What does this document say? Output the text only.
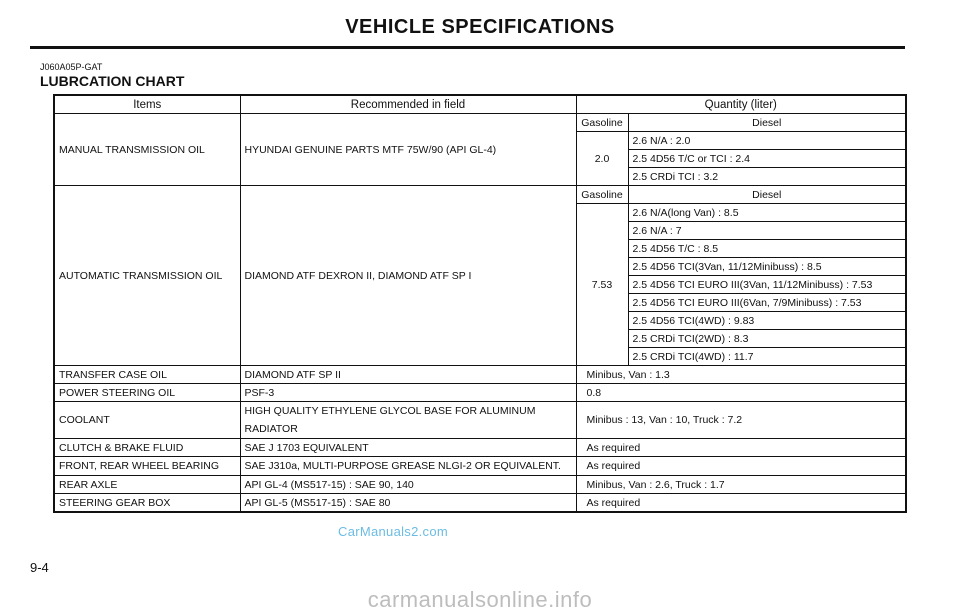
VEHICLE SPECIFICATIONS
J060A05P-GAT
LUBRCATION CHART
Items	Recommended in field	Quantity (liter)	
MANUAL TRANSMISSION OIL	HYUNDAI GENUINE PARTS MTF 75W/90 (API GL-4)	Gasoline	Diesel
		2.0	2.6 N/A : 2.0
			2.5 4D56 T/C or TCI : 2.4
			2.5 CRDi TCI : 3.2
AUTOMATIC TRANSMISSION OIL	DIAMOND ATF DEXRON II, DIAMOND ATF SP I	Gasoline	Diesel
		7.53	2.6 N/A(long Van) : 8.5
			2.6 N/A : 7
			2.5 4D56 T/C : 8.5
			2.5 4D56 TCI(3Van, 11/12Minibuss) : 8.5
			2.5 4D56 TCI EURO III(3Van, 11/12Minibuss) : 7.53
			2.5 4D56 TCI EURO III(6Van, 7/9Minibuss) : 7.53
			2.5 4D56 TCI(4WD) : 9.83
			2.5 CRDi TCI(2WD) : 8.3
			2.5 CRDi TCI(4WD) : 11.7
TRANSFER CASE OIL	DIAMOND ATF SP II	Minibus, Van : 1.3	
POWER STEERING OIL	PSF-3	0.8	
COOLANT	HIGH QUALITY ETHYLENE GLYCOL BASE FOR ALUMINUM RADIATOR	Minibus : 13, Van : 10, Truck : 7.2	
CLUTCH & BRAKE FLUID	SAE J 1703 EQUIVALENT	As required	
FRONT, REAR WHEEL BEARING	SAE J310a, MULTI-PURPOSE GREASE NLGI-2 OR EQUIVALENT.	As required	
REAR AXLE	API GL-4 (MS517-15) : SAE 90, 140	Minibus, Van : 2.6, Truck : 1.7	
STEERING GEAR BOX	API GL-5 (MS517-15) : SAE 80	As required	
CarManuals2.com
9-4
carmanualsonline.info
